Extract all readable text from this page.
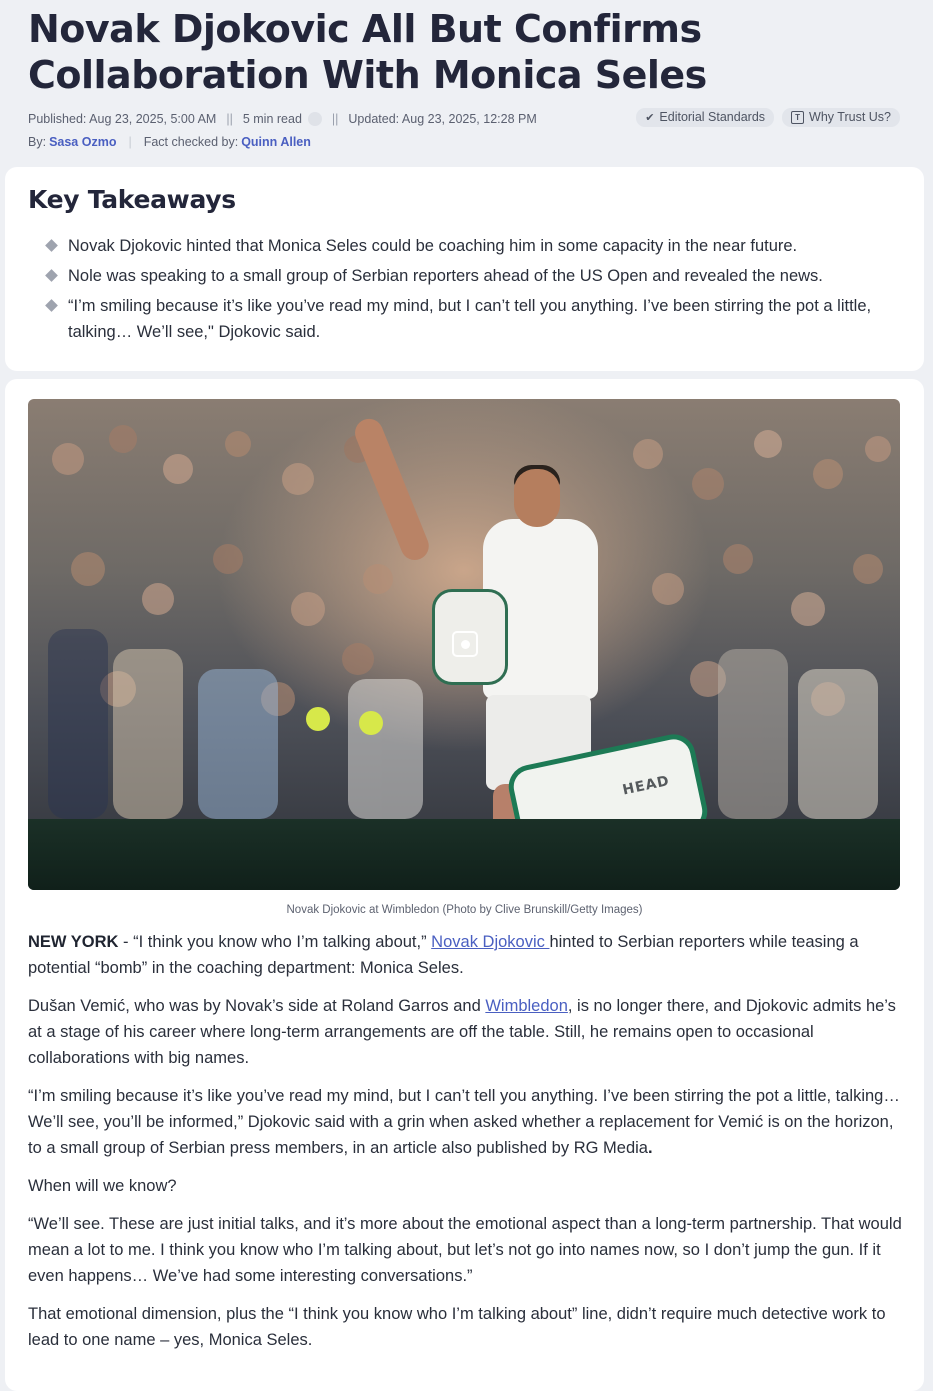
Novak Djokovic All But Confirms Collaboration With Monica Seles
Published: Aug 23, 2025, 5:00 AM || 5 min read || Updated: Aug 23, 2025, 12:28 PM
By: Sasa Ozmo | Fact checked by: Quinn Allen
✔ Editorial Standards	T Why Trust Us?
Key Takeaways
Novak Djokovic hinted that Monica Seles could be coaching him in some capacity in the near future.
Nole was speaking to a small group of Serbian reporters ahead of the US Open and revealed the news.
“I’m smiling because it’s like you’ve read my mind, but I can’t tell you anything. I’ve been stirring the pot a little, talking… We’ll see," Djokovic said.
HEAD

Novak Djokovic at Wimbledon (Photo by Clive Brunskill/Getty Images)

NEW YORK - “I think you know who I’m talking about,” Novak Djokovic hinted to Serbian reporters while teasing a potential “bomb” in the coaching department: Monica Seles.

Dušan Vemić, who was by Novak’s side at Roland Garros and Wimbledon, is no longer there, and Djokovic admits he’s at a stage of his career where long-term arrangements are off the table. Still, he remains open to occasional collaborations with big names.

“I’m smiling because it’s like you’ve read my mind, but I can’t tell you anything. I’ve been stirring the pot a little, talking… We’ll see, you’ll be informed,” Djokovic said with a grin when asked whether a replacement for Vemić is on the horizon, to a small group of Serbian press members, in an article also published by RG Media.

When will we know?

“We’ll see. These are just initial talks, and it’s more about the emotional aspect than a long-term partnership. That would mean a lot to me. I think you know who I’m talking about, but let’s not go into names now, so I don’t jump the gun. If it even happens… We’ve had some interesting conversations.”

That emotional dimension, plus the “I think you know who I’m talking about” line, didn’t require much detective work to lead to one name – yes, Monica Seles.
